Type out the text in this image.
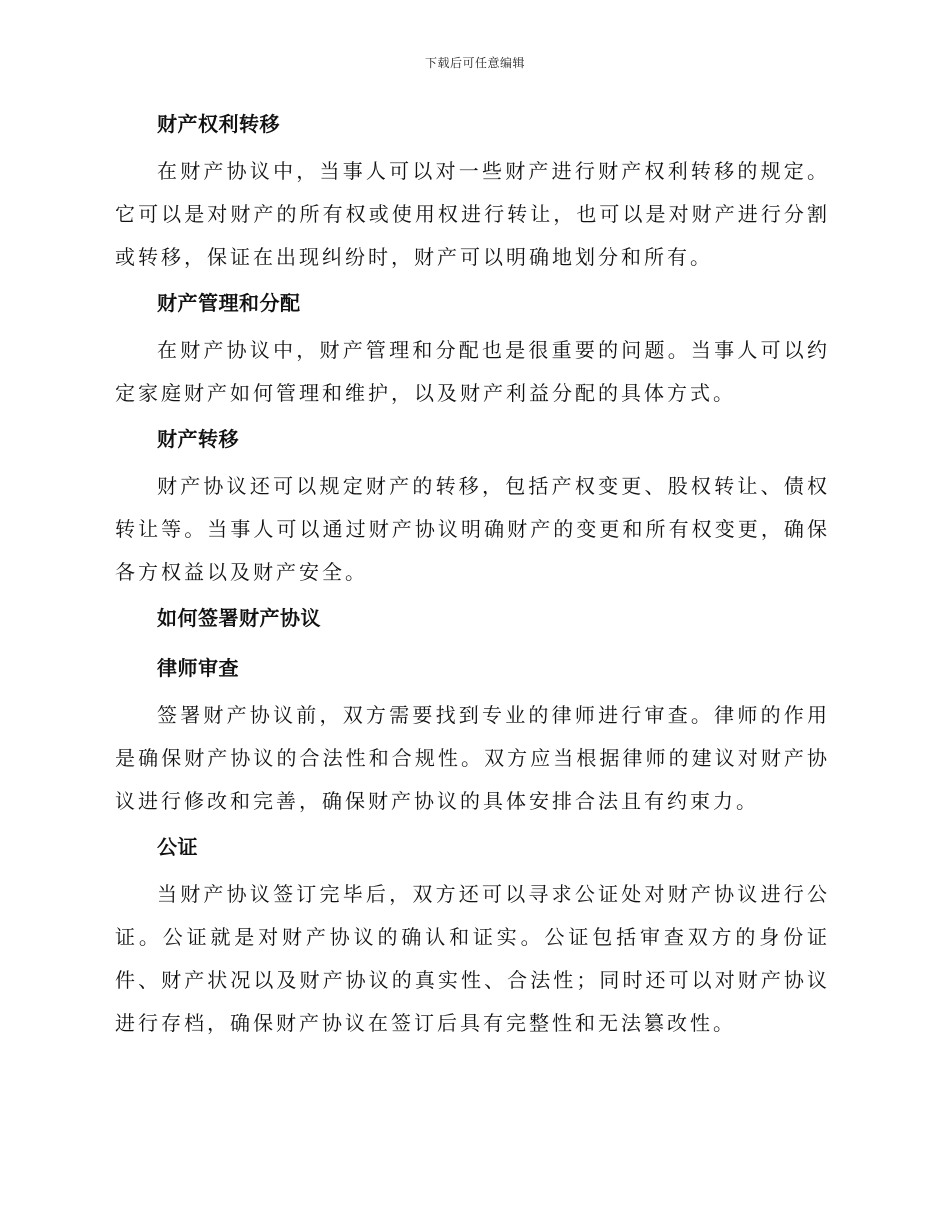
下载后可任意编辑

财产权利转移

在财产协议中，当事人可以对一些财产进行财产权利转移的规定。它可以是对财产的所有权或使用权进行转让，也可以是对财产进行分割或转移，保证在出现纠纷时，财产可以明确地划分和所有。

财产管理和分配

在财产协议中，财产管理和分配也是很重要的问题。当事人可以约定家庭财产如何管理和维护，以及财产利益分配的具体方式。

财产转移

财产协议还可以规定财产的转移，包括产权变更、股权转让、债权转让等。当事人可以通过财产协议明确财产的变更和所有权变更，确保各方权益以及财产安全。

如何签署财产协议

律师审查

签署财产协议前，双方需要找到专业的律师进行审查。律师的作用是确保财产协议的合法性和合规性。双方应当根据律师的建议对财产协议进行修改和完善，确保财产协议的具体安排合法且有约束力。

公证

当财产协议签订完毕后，双方还可以寻求公证处对财产协议进行公证。公证就是对财产协议的确认和证实。公证包括审查双方的身份证件、财产状况以及财产协议的真实性、合法性；同时还可以对财产协议进行存档，确保财产协议在签订后具有完整性和无法篡改性。
